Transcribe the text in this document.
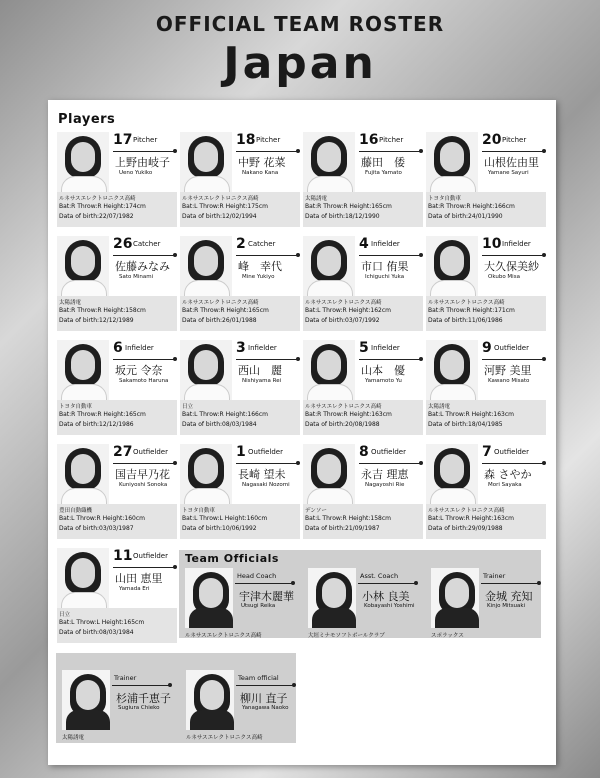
OFFICIAL TEAM ROSTER
Japan
Players
17 Pitcher
上野由岐子
Ueno Yukiko
ルネサスエレクトロニクス高崎
Bat:R Throw:R Height:174cm
Data of birth:22/07/1982
18 Pitcher
中野 花菜
Nakano Kana
ルネサスエレクトロニクス高崎
Bat:L Throw:R Height:175cm
Data of birth:12/02/1994
16 Pitcher
藤田　倭
Fujita Yamato
太陽誘電
Bat:R Throw:R Height:165cm
Data of birth:18/12/1990
20 Pitcher
山根佐由里
Yamane Sayuri
トヨタ自動車
Bat:R Throw:R Height:166cm
Data of birth:24/01/1990
26 Catcher
佐藤みなみ
Sato Minami
太陽誘電
Bat:R Throw:R Height:158cm
Data of birth:12/12/1989
2 Catcher
峰　幸代
Mine Yukiyo
ルネサスエレクトロニクス高崎
Bat:R Throw:R Height:165cm
Data of birth:26/01/1988
4 Infielder
市口 侑果
Ichiguchi Yuka
ルネサスエレクトロニクス高崎
Bat:L Throw:R Height:162cm
Data of birth:03/07/1992
10 Infielder
大久保美紗
Okubo Misa
ルネサスエレクトロニクス高崎
Bat:R Throw:R Height:171cm
Data of birth:11/06/1986
6 Infielder
坂元 令奈
Sakamoto Haruna
トヨタ自動車
Bat:R Throw:R Height:165cm
Data of birth:12/12/1986
3 Infielder
西山　麗
Nishiyama Rei
日立
Bat:L Throw:R Height:166cm
Data of birth:08/03/1984
5 Infielder
山本　優
Yamamoto Yu
ルネサスエレクトロニクス高崎
Bat:R Throw:R Height:163cm
Data of birth:20/08/1988
9 Outfielder
河野 美里
Kawano Misato
太陽誘電
Bat:L Throw:R Height:163cm
Data of birth:18/04/1985
27 Outfielder
国吉早乃花
Kuniyoshi Sonoka
豊田自動織機
Bat:L Throw:R Height:160cm
Data of birth:03/03/1987
1 Outfielder
長崎 望未
Nagasaki Nozomi
トヨタ自動車
Bat:L Throw:L Height:160cm
Data of birth:10/06/1992
8 Outfielder
永吉 理恵
Nagayoshi Rie
デンソー
Bat:L Throw:R Height:158cm
Data of birth:21/09/1987
7 Outfielder
森 さやか
Mori Sayaka
ルネサスエレクトロニクス高崎
Bat:L Throw:R Height:163cm
Data of birth:29/09/1988
11 Outfielder
山田 恵里
Yamada Eri
日立
Bat:L Throw:L Height:165cm
Data of birth:08/03/1984
Team Officials
Head Coach
宇津木麗華
Utsugi Reika
ルネサスエレクトロニクス高崎
Asst. Coach
小林 良美
Kobayashi Yoshimi
大垣ミナモソフトボールクラブ
Trainer
金城 充知
Kinjo Mitsuaki
スポラックス
Trainer
杉浦千恵子
Sugiura Chieko
太陽誘電
Team official
柳川 直子
Yanagawa Naoko
ルネサスエレクトロニクス高崎
